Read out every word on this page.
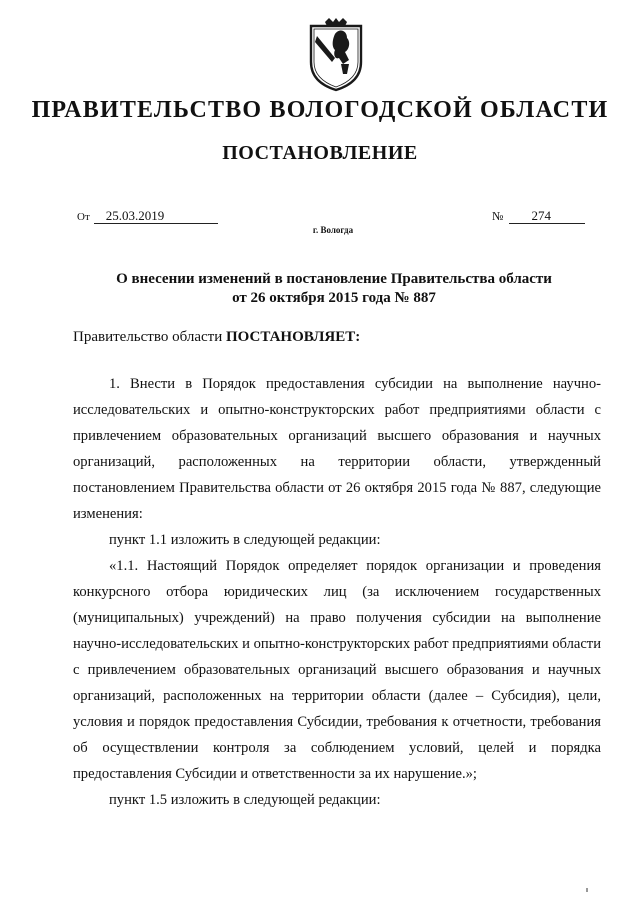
ПРАВИТЕЛЬСТВО ВОЛОГОДСКОЙ ОБЛАСТИ
ПОСТАНОВЛЕНИЕ
От 25.03.2019	№ 274
г. Вологда
О внесении изменений в постановление Правительства области
от 26 октября 2015 года № 887
Правительство области ПОСТАНОВЛЯЕТ:

1. Внести в Порядок предоставления субсидии на выполнение научно-исследовательских и опытно-конструкторских работ предприятиями области с привлечением образовательных организаций высшего образования и научных организаций, расположенных на территории области, утвержденный постановлением Правительства области от 26 октября 2015 года № 887, следующие изменения:

пункт 1.1 изложить в следующей редакции:

«1.1. Настоящий Порядок определяет порядок организации и проведения конкурсного отбора юридических лиц (за исключением государственных (муниципальных) учреждений) на право получения субсидии на выполнение научно-исследовательских и опытно-конструкторских работ предприятиями области с привлечением образовательных организаций высшего образования и научных организаций, расположенных на территории области (далее – Субсидия), цели, условия и порядок предоставления Субсидии, требования к отчетности, требования об осуществлении контроля за соблюдением условий, целей и порядка предоставления Субсидии и ответственности за их нарушение.»;

пункт 1.5 изложить в следующей редакции:
